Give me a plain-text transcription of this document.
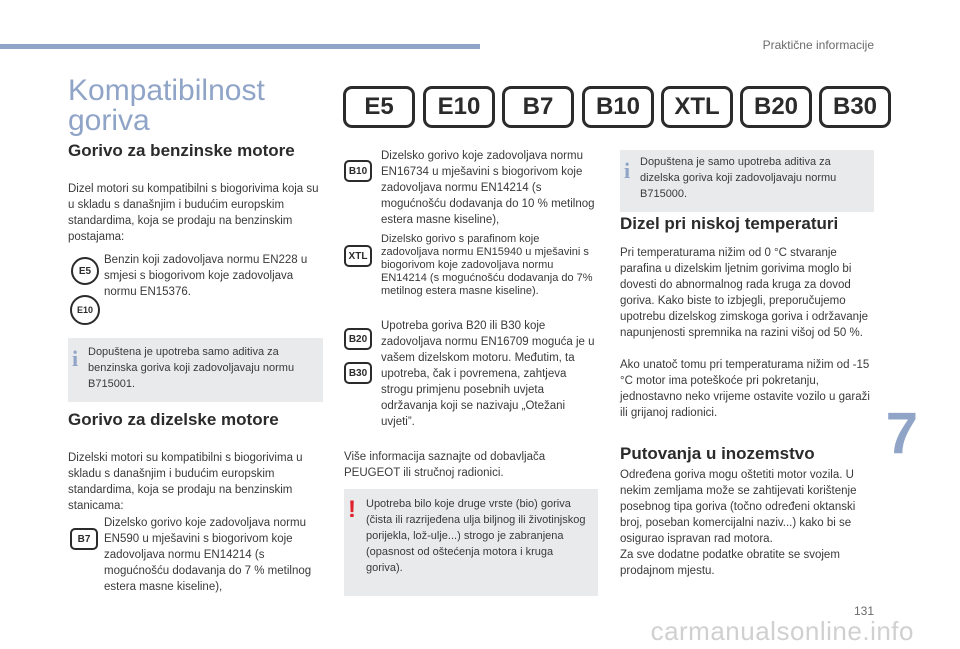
Praktične informacije
Kompatibilnost
goriva	E5	E10	B7	B10	XTL	B20	B30
Gorivo za benzinske motore

Dizel motori su kompatibilni s biogorivima koja su u skladu s današnjim i budućim europskim standardima, koja se prodaju na benzinskim postajama:

E5
E10

Benzin koji zadovoljava normu EN228 u smjesi s biogorivom koje zadovoljava normu EN15376.

i Dopuštena je upotreba samo aditiva za benzinska goriva koji zadovoljavaju normu B715001.

Gorivo za dizelske motore

Dizelski motori su kompatibilni s biogorivima u skladu s današnjim i budućim europskim standardima, koja se prodaju na benzinskim stanicama:

B7

Dizelsko gorivo koje zadovoljava normu EN590 u mješavini s biogorivom koje zadovoljava normu EN14214 (s mogućnošću dodavanja do 7 % metilnog estera masne kiseline),

B10

Dizelsko gorivo koje zadovoljava normu EN16734 u mješavini s biogorivom koje zadovoljava normu EN14214 (s mogućnošću dodavanja do 10 % metilnog estera masne kiseline),

XTL

Dizelsko gorivo s parafinom koje zadovoljava normu EN15940 u mješavini s biogorivom koje zadovoljava normu EN14214 (s mogućnošću dodavanja do 7% metilnog estera masne kiseline).

B20
B30

Upotreba goriva B20 ili B30 koje zadovoljava normu EN16709 moguća je u vašem dizelskom motoru. Međutim, ta upotreba, čak i povremena, zahtjeva strogu primjenu posebnih uvjeta održavanja koji se nazivaju „Otežani uvjeti”.

Više informacija saznajte od dobavljača PEUGEOT ili stručnoj radionici.

! Upotreba bilo koje druge vrste (bio) goriva (čista ili razrijeđena ulja biljnog ili životinjskog porijekla, lož-ulje...) strogo je zabranjena (opasnost od oštećenja motora i kruga goriva).

i Dopuštena je samo upotreba aditiva za dizelska goriva koji zadovoljavaju normu B715000.

Dizel pri niskoj temperaturi

Pri temperaturama nižim od 0 °C stvaranje parafina u dizelskim ljetnim gorivima moglo bi dovesti do abnormalnog rada kruga za dovod goriva. Kako biste to izbjegli, preporučujemo upotrebu dizelskog zimskoga goriva i održavanje napunjenosti spremnika na razini višoj od 50 %.

Ako unatoč tomu pri temperaturama nižim od -15 °C motor ima poteškoće pri pokretanju, jednostavno neko vrijeme ostavite vozilo u garaži ili grijanoj radionici.

Putovanja u inozemstvo

Određena goriva mogu oštetiti motor vozila. U nekim zemljama može se zahtijevati korištenje posebnog tipa goriva (točno određeni oktanski broj, poseban komercijalni naziv...) kako bi se osigurao ispravan rad motora.

Za sve dodatne podatke obratite se svojem prodajnom mjestu.

7
131
carmanualsonline.info
